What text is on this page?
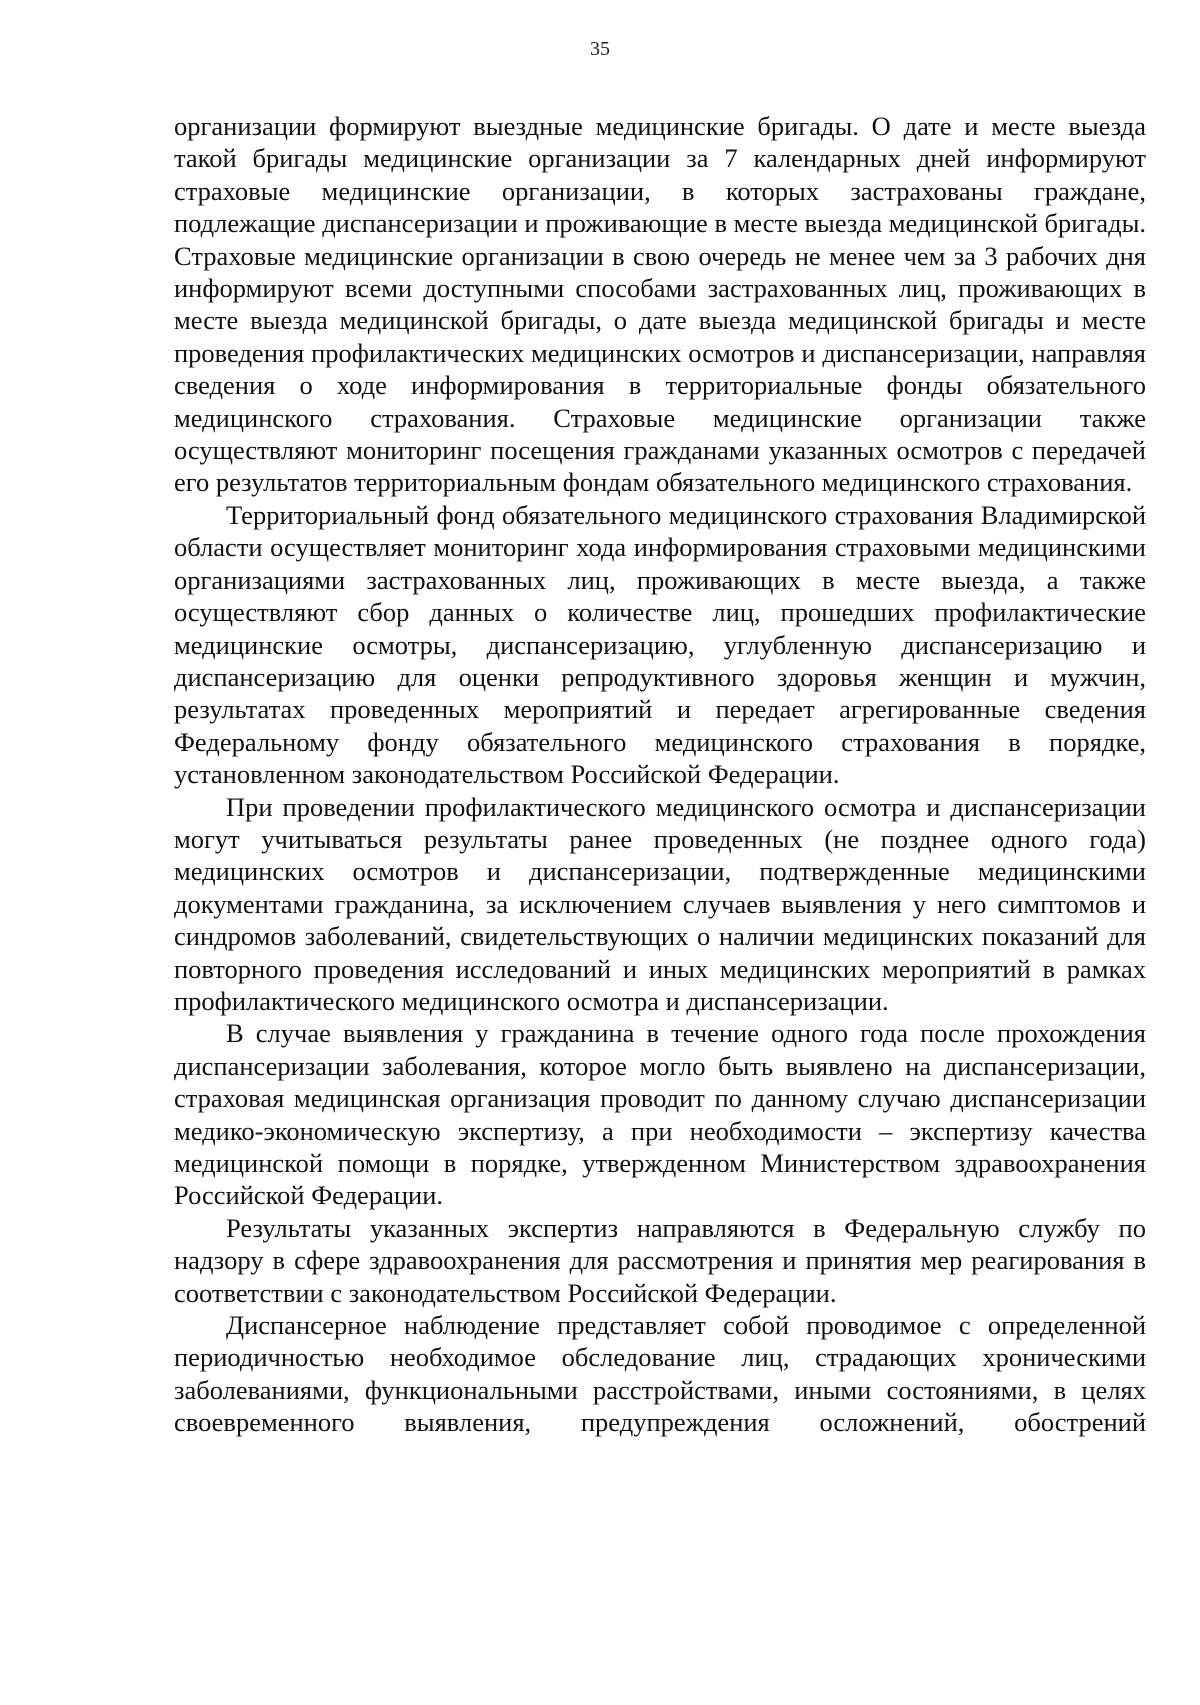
35

организации формируют выездные медицинские бригады. О дате и месте выезда такой бригады медицинские организации за 7 календарных дней информируют страховые медицинские организации, в которых застрахованы граждане, подлежащие диспансеризации и проживающие в месте выезда медицинской бригады. Страховые медицинские организации в свою очередь не менее чем за 3 рабочих дня информируют всеми доступными способами застрахованных лиц, проживающих в месте выезда медицинской бригады, о дате выезда медицинской бригады и месте проведения профилактических медицинских осмотров и диспансеризации, направляя сведения о ходе информирования в территориальные фонды обязательного медицинского страхования. Страховые медицинские организации также осуществляют мониторинг посещения гражданами указанных осмотров с передачей его результатов территориальным фондам обязательного медицинского страхования.

Территориальный фонд обязательного медицинского страхования Владимирской области осуществляет мониторинг хода информирования страховыми медицинскими организациями застрахованных лиц, проживающих в месте выезда, а также осуществляют сбор данных о количестве лиц, прошедших профилактические медицинские осмотры, диспансеризацию, углубленную диспансеризацию и диспансеризацию для оценки репродуктивного здоровья женщин и мужчин, результатах проведенных мероприятий и передает агрегированные сведения Федеральному фонду обязательного медицинского страхования в порядке, установленном законодательством Российской Федерации.

При проведении профилактического медицинского осмотра и диспансеризации могут учитываться результаты ранее проведенных (не позднее одного года) медицинских осмотров и диспансеризации, подтвержденные медицинскими документами гражданина, за исключением случаев выявления у него симптомов и синдромов заболеваний, свидетельствующих о наличии медицинских показаний для повторного проведения исследований и иных медицинских мероприятий в рамках профилактического медицинского осмотра и диспансеризации.

В случае выявления у гражданина в течение одного года после прохождения диспансеризации заболевания, которое могло быть выявлено на диспансеризации, страховая медицинская организация проводит по данному случаю диспансеризации медико-экономическую экспертизу, а при необходимости – экспертизу качества медицинской помощи в порядке, утвержденном Министерством здравоохранения Российской Федерации.

Результаты указанных экспертиз направляются в Федеральную службу по надзору в сфере здравоохранения для рассмотрения и принятия мер реагирования в соответствии с законодательством Российской Федерации.

Диспансерное наблюдение представляет собой проводимое с определенной периодичностью необходимое обследование лиц, страдающих хроническими заболеваниями, функциональными расстройствами, иными состояниями, в целях своевременного выявления, предупреждения осложнений, обострений
